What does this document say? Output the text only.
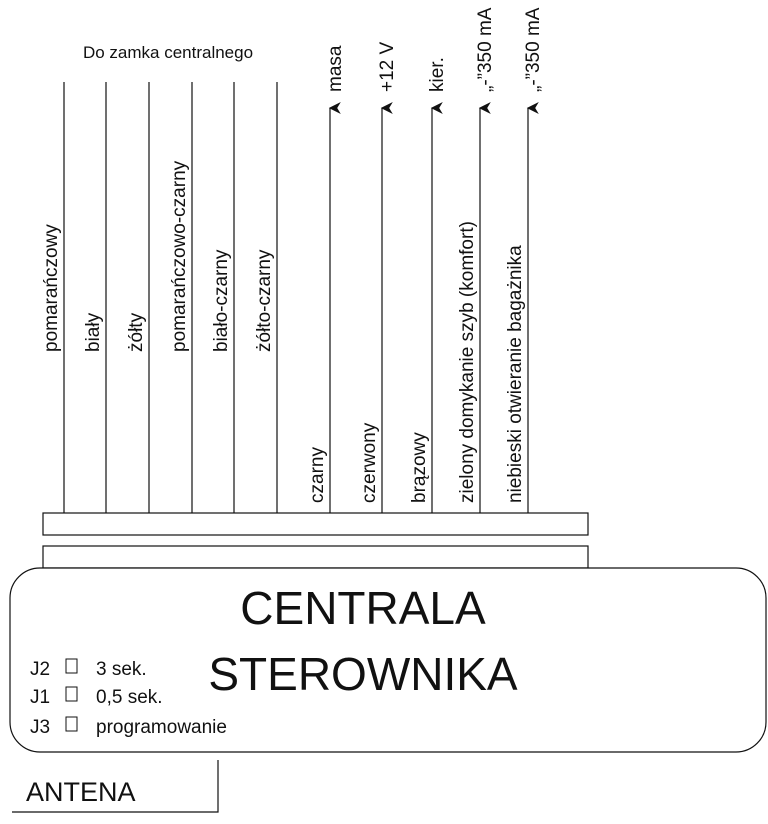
Do zamka centralnego
pomarańczowy biały żółty pomarańczowo-czarny biało-czarny żółto-czarny
czarny czerwony brązowy zielony domykanie szyb (komfort) niebieski otwieranie bagażnika
masa +12 V kier. „-”350 mA „-”350 mA
CENTRALA
STEROWNIKA
J2 3 sek.
J1 0,5 sek.
J3 programowanie
ANTENA
